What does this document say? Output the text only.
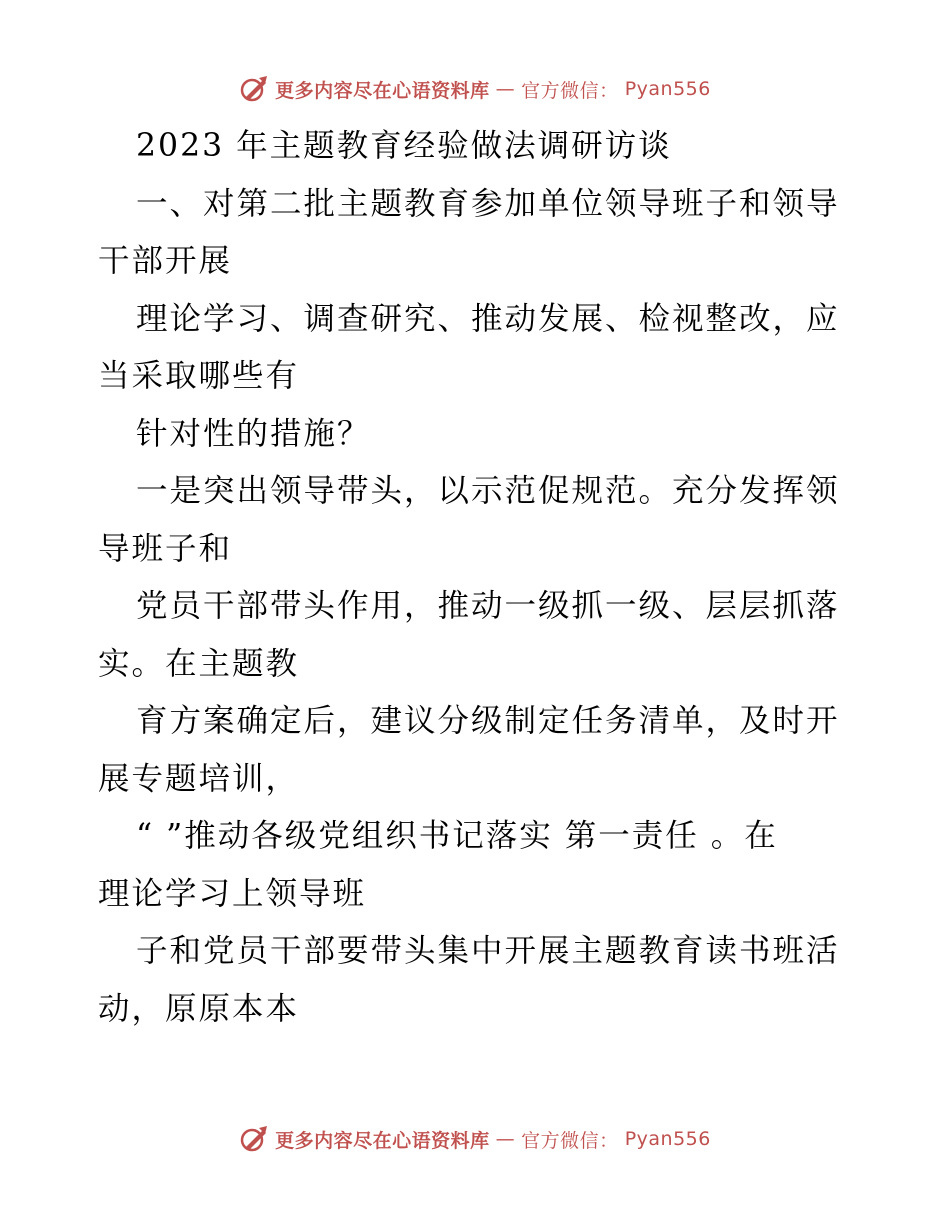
更多内容尽在心语资料库 — 官方微信： Pyan556
2023 年主题教育经验做法调研访谈
一、对第二批主题教育参加单位领导班子和领导
干部开展
理论学习、调查研究、推动发展、检视整改，应
当采取哪些有
针对性的措施？
一是突出领导带头，以示范促规范。充分发挥领
导班子和
党员干部带头作用，推动一级抓一级、层层抓落
实。在主题教
育方案确定后，建议分级制定任务清单，及时开
展专题培训，
“ ”推动各级党组织书记落实 第一责任 。在
理论学习上领导班
子和党员干部要带头集中开展主题教育读书班活
动，原原本本
更多内容尽在心语资料库 — 官方微信： Pyan556
